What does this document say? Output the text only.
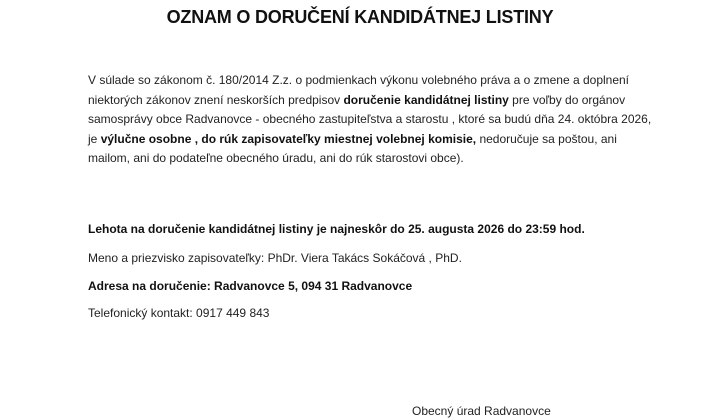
OZNAM O DORUČENÍ KANDIDÁTNEJ LISTINY
V súlade so zákonom č. 180/2014 Z.z. o podmienkach výkonu volebného práva a o zmene a doplnení niektorých zákonov znení neskorších predpisov doručenie kandidátnej listiny pre voľby do orgánov samosprávy obce Radvanovce - obecného zastupiteľstva a starostu , ktoré sa budú dňa 24. októbra 2026, je výlučne osobne , do rúk zapisovateľky miestnej volebnej komisie, nedoručuje sa poštou, ani mailom, ani do podateľne obecného úradu, ani do rúk starostovi obce).
Lehota na doručenie kandidátnej listiny je najneskôr do 25. augusta 2026 do 23:59 hod.
Meno a priezvisko zapisovateľky: PhDr. Viera Takács Sokáčová , PhD.
Adresa na doručenie: Radvanovce 5, 094 31 Radvanovce
Telefonický kontakt: 0917 449 843
Obecný úrad Radvanovce
